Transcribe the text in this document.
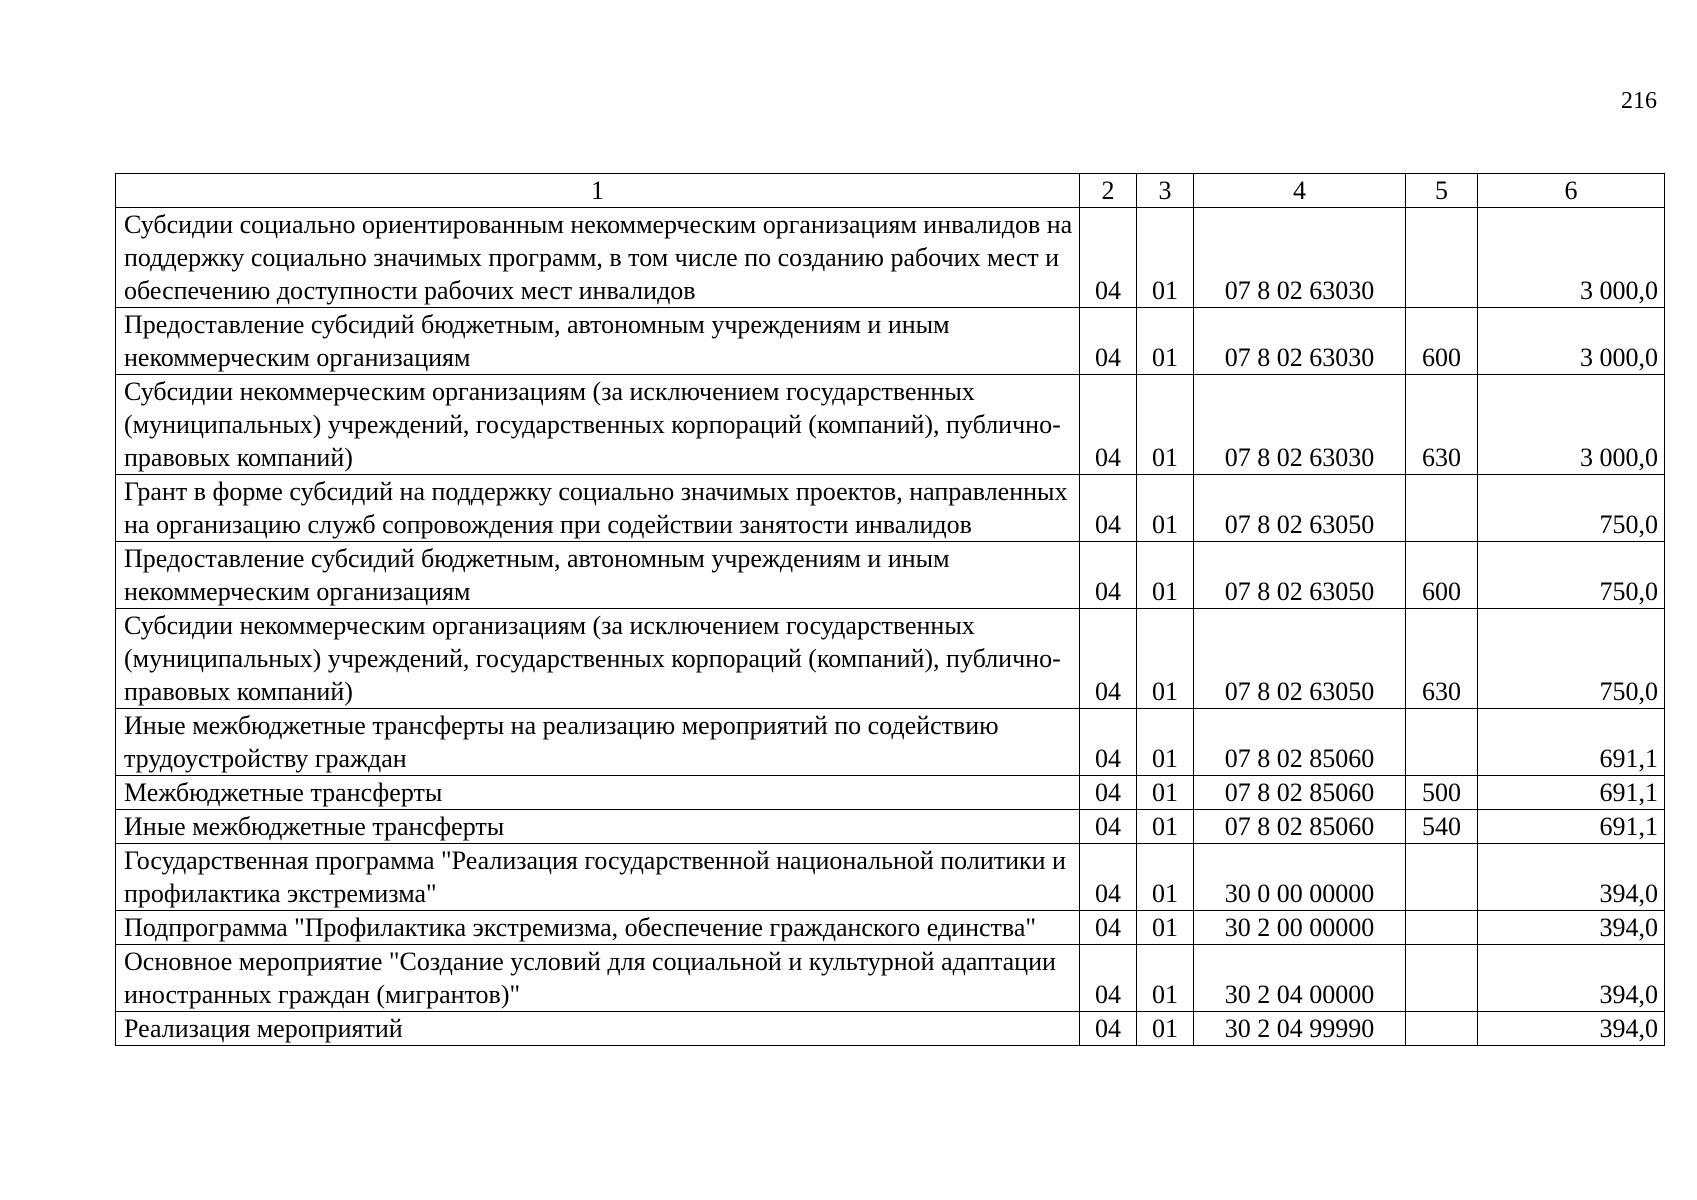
216
1	2	3	4	5	6
Субсидии социально ориентированным некоммерческим организациям инвалидов на поддержку социально значимых программ, в том числе по созданию рабочих мест и обеспечению доступности рабочих мест инвалидов	04	01	07 8 02 63030		3 000,0
Предоставление субсидий бюджетным, автономным учреждениям и иным некоммерческим организациям	04	01	07 8 02 63030	600	3 000,0
Субсидии некоммерческим организациям (за исключением государственных (муниципальных) учреждений, государственных корпораций (компаний), публично-правовых компаний)	04	01	07 8 02 63030	630	3 000,0
Грант в форме субсидий на поддержку социально значимых проектов, направленных на организацию служб сопровождения при содействии занятости инвалидов	04	01	07 8 02 63050		750,0
Предоставление субсидий бюджетным, автономным учреждениям и иным некоммерческим организациям	04	01	07 8 02 63050	600	750,0
Субсидии некоммерческим организациям (за исключением государственных (муниципальных) учреждений, государственных корпораций (компаний), публично-правовых компаний)	04	01	07 8 02 63050	630	750,0
Иные межбюджетные трансферты на реализацию мероприятий по содействию трудоустройству граждан	04	01	07 8 02 85060		691,1
Межбюджетные трансферты	04	01	07 8 02 85060	500	691,1
Иные межбюджетные трансферты	04	01	07 8 02 85060	540	691,1
Государственная программа "Реализация государственной национальной политики и профилактика экстремизма"	04	01	30 0 00 00000		394,0
Подпрограмма "Профилактика экстремизма, обеспечение гражданского единства"	04	01	30 2 00 00000		394,0
Основное мероприятие "Создание условий для социальной и культурной адаптации иностранных граждан (мигрантов)"	04	01	30 2 04 00000		394,0
Реализация мероприятий	04	01	30 2 04 99990		394,0
